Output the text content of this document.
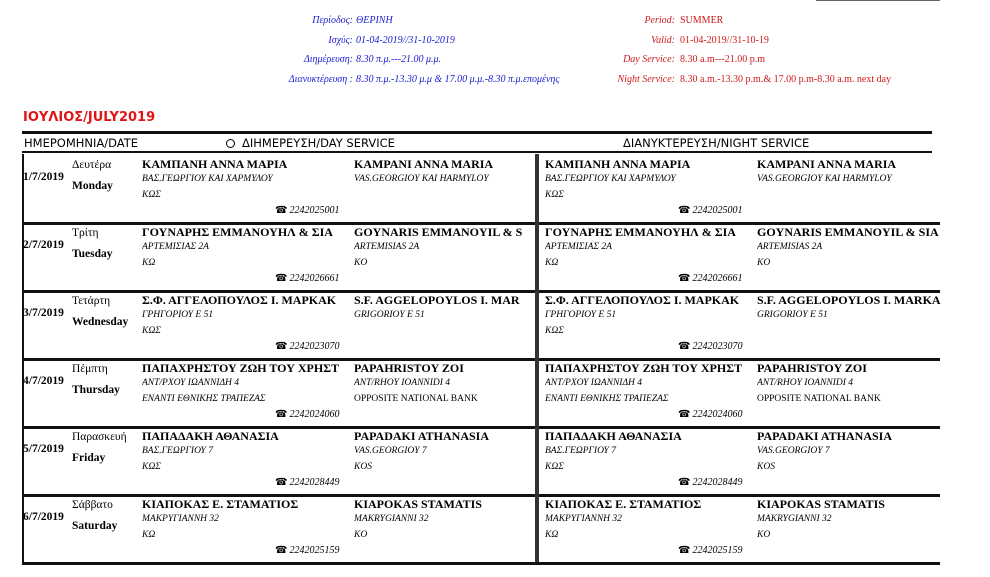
Περίοδος: ΘΕΡΙΝΗ
Ισχύς: 01-04-2019//31-10-2019
Διημέρευση: 8.30 π.μ.---21.00 μ.μ.
Διανυκτέρευση : 8.30 π.μ.-13.30 μ.μ & 17.00 μ.μ.-8.30 π.μ.επομένης
Period: SUMMER
Valid: 01-04-2019//31-10-19
Day Service: 8.30 a.m---21.00 p.m
Night Service: 8.30 a.m.-13.30 p.m.& 17.00 p.m-8.30 a.m. next day
ΙΟΥΛΙΟΣ/JULY2019
ΗΜΕΡΟΜΗΝΙΑ/DATE	ΔΙΗΜΕΡΕΥΣΗ/DAY SERVICE	ΔΙΑΝΥΚΤΕΡΕΥΣΗ/NIGHT SERVICE
1/7/2019
Δευτέρα
Monday
ΚΑΜΠΑΝΗ ΑΝΝΑ ΜΑΡΙΑ
ΒΑΣ.ΓΕΩΡΓΙΟΥ ΚΑΙ ΧΑΡΜΥΛΟΥ
ΚΩΣ
KAMPANI ANNA MARIA
VAS.GEORGIOY KAI HARMYLOY
☎ 2242025001
ΚΑΜΠΑΝΗ ΑΝΝΑ ΜΑΡΙΑ
ΒΑΣ.ΓΕΩΡΓΙΟΥ ΚΑΙ ΧΑΡΜΥΛΟΥ
ΚΩΣ
KAMPANI ANNA MARIA
VAS.GEORGIOY KAI HARMYLOY
☎ 2242025001
2/7/2019
Τρίτη
Tuesday
ΓΟΥΝΑΡΗΣ ΕΜΜΑΝΟΥΗΛ & ΣΙΑ
ΑΡΤΕΜΙΣΙΑΣ 2Α
ΚΩ
GOYNARIS EMMANOYIL & S
ARTEMISIAS 2A
KO
☎ 2242026661
ΓΟΥΝΑΡΗΣ ΕΜΜΑΝΟΥΗΛ & ΣΙΑ
ΑΡΤΕΜΙΣΙΑΣ 2Α
ΚΩ
GOYNARIS EMMANOYIL & SIA
ARTEMISIAS 2A
KO
☎ 2242026661
3/7/2019
Τετάρτη
Wednesday
Σ.Φ. ΑΓΓΕΛΟΠΟΥΛΟΣ Ι. ΜΑΡΚΑΚ
ΓΡΗΓΟΡΙΟΥ Ε 51
ΚΩΣ
S.F. AGGELOPOYLOS I. MAR
GRIGORIOY E 51
☎ 2242023070
Σ.Φ. ΑΓΓΕΛΟΠΟΥΛΟΣ Ι. ΜΑΡΚΑΚ
ΓΡΗΓΟΡΙΟΥ Ε 51
ΚΩΣ
S.F. AGGELOPOYLOS I. MARKA
GRIGORIOY E 51
☎ 2242023070
4/7/2019
Πέμπτη
Thursday
ΠΑΠΑΧΡΗΣΤΟΥ ΖΩΗ ΤΟΥ ΧΡΗΣΤ
ΑΝΤ/ΡΧΟΥ ΙΩΑΝΝΙΔΗ 4
ΕΝΑΝΤΙ ΕΘΝΙΚΗΣ ΤΡΑΠΕΖΑΣ
PAPAHRISTOY ZOI
ANT/RHOY IOANNIDI 4
OPPOSITE NATIONAL BANK
☎ 2242024060
ΠΑΠΑΧΡΗΣΤΟΥ ΖΩΗ ΤΟΥ ΧΡΗΣΤ
ΑΝΤ/ΡΧΟΥ ΙΩΑΝΝΙΔΗ 4
ΕΝΑΝΤΙ ΕΘΝΙΚΗΣ ΤΡΑΠΕΖΑΣ
PAPAHRISTOY ZOI
ANT/RHOY IOANNIDI 4
OPPOSITE NATIONAL BANK
☎ 2242024060
5/7/2019
Παρασκευή
Friday
ΠΑΠΑΔΑΚΗ ΑΘΑΝΑΣΙΑ
ΒΑΣ.ΓΕΩΡΓΙΟΥ 7
ΚΩΣ
PAPADAKI ATHANASIA
VAS.GEORGIOY 7
KOS
☎ 2242028449
ΠΑΠΑΔΑΚΗ ΑΘΑΝΑΣΙΑ
ΒΑΣ.ΓΕΩΡΓΙΟΥ 7
ΚΩΣ
PAPADAKI ATHANASIA
VAS.GEORGIOY 7
KOS
☎ 2242028449
6/7/2019
Σάββατο
Saturday
ΚΙΑΠΟΚΑΣ Ε. ΣΤΑΜΑΤΙΟΣ
ΜΑΚΡΥΓΙΑΝΝΗ 32
ΚΩ
KIAPOKAS STAMATIS
MAKRYGIANNI 32
KO
☎ 2242025159
ΚΙΑΠΟΚΑΣ Ε. ΣΤΑΜΑΤΙΟΣ
ΜΑΚΡΥΓΙΑΝΝΗ 32
ΚΩ
KIAPOKAS STAMATIS
MAKRYGIANNI 32
KO
☎ 2242025159
